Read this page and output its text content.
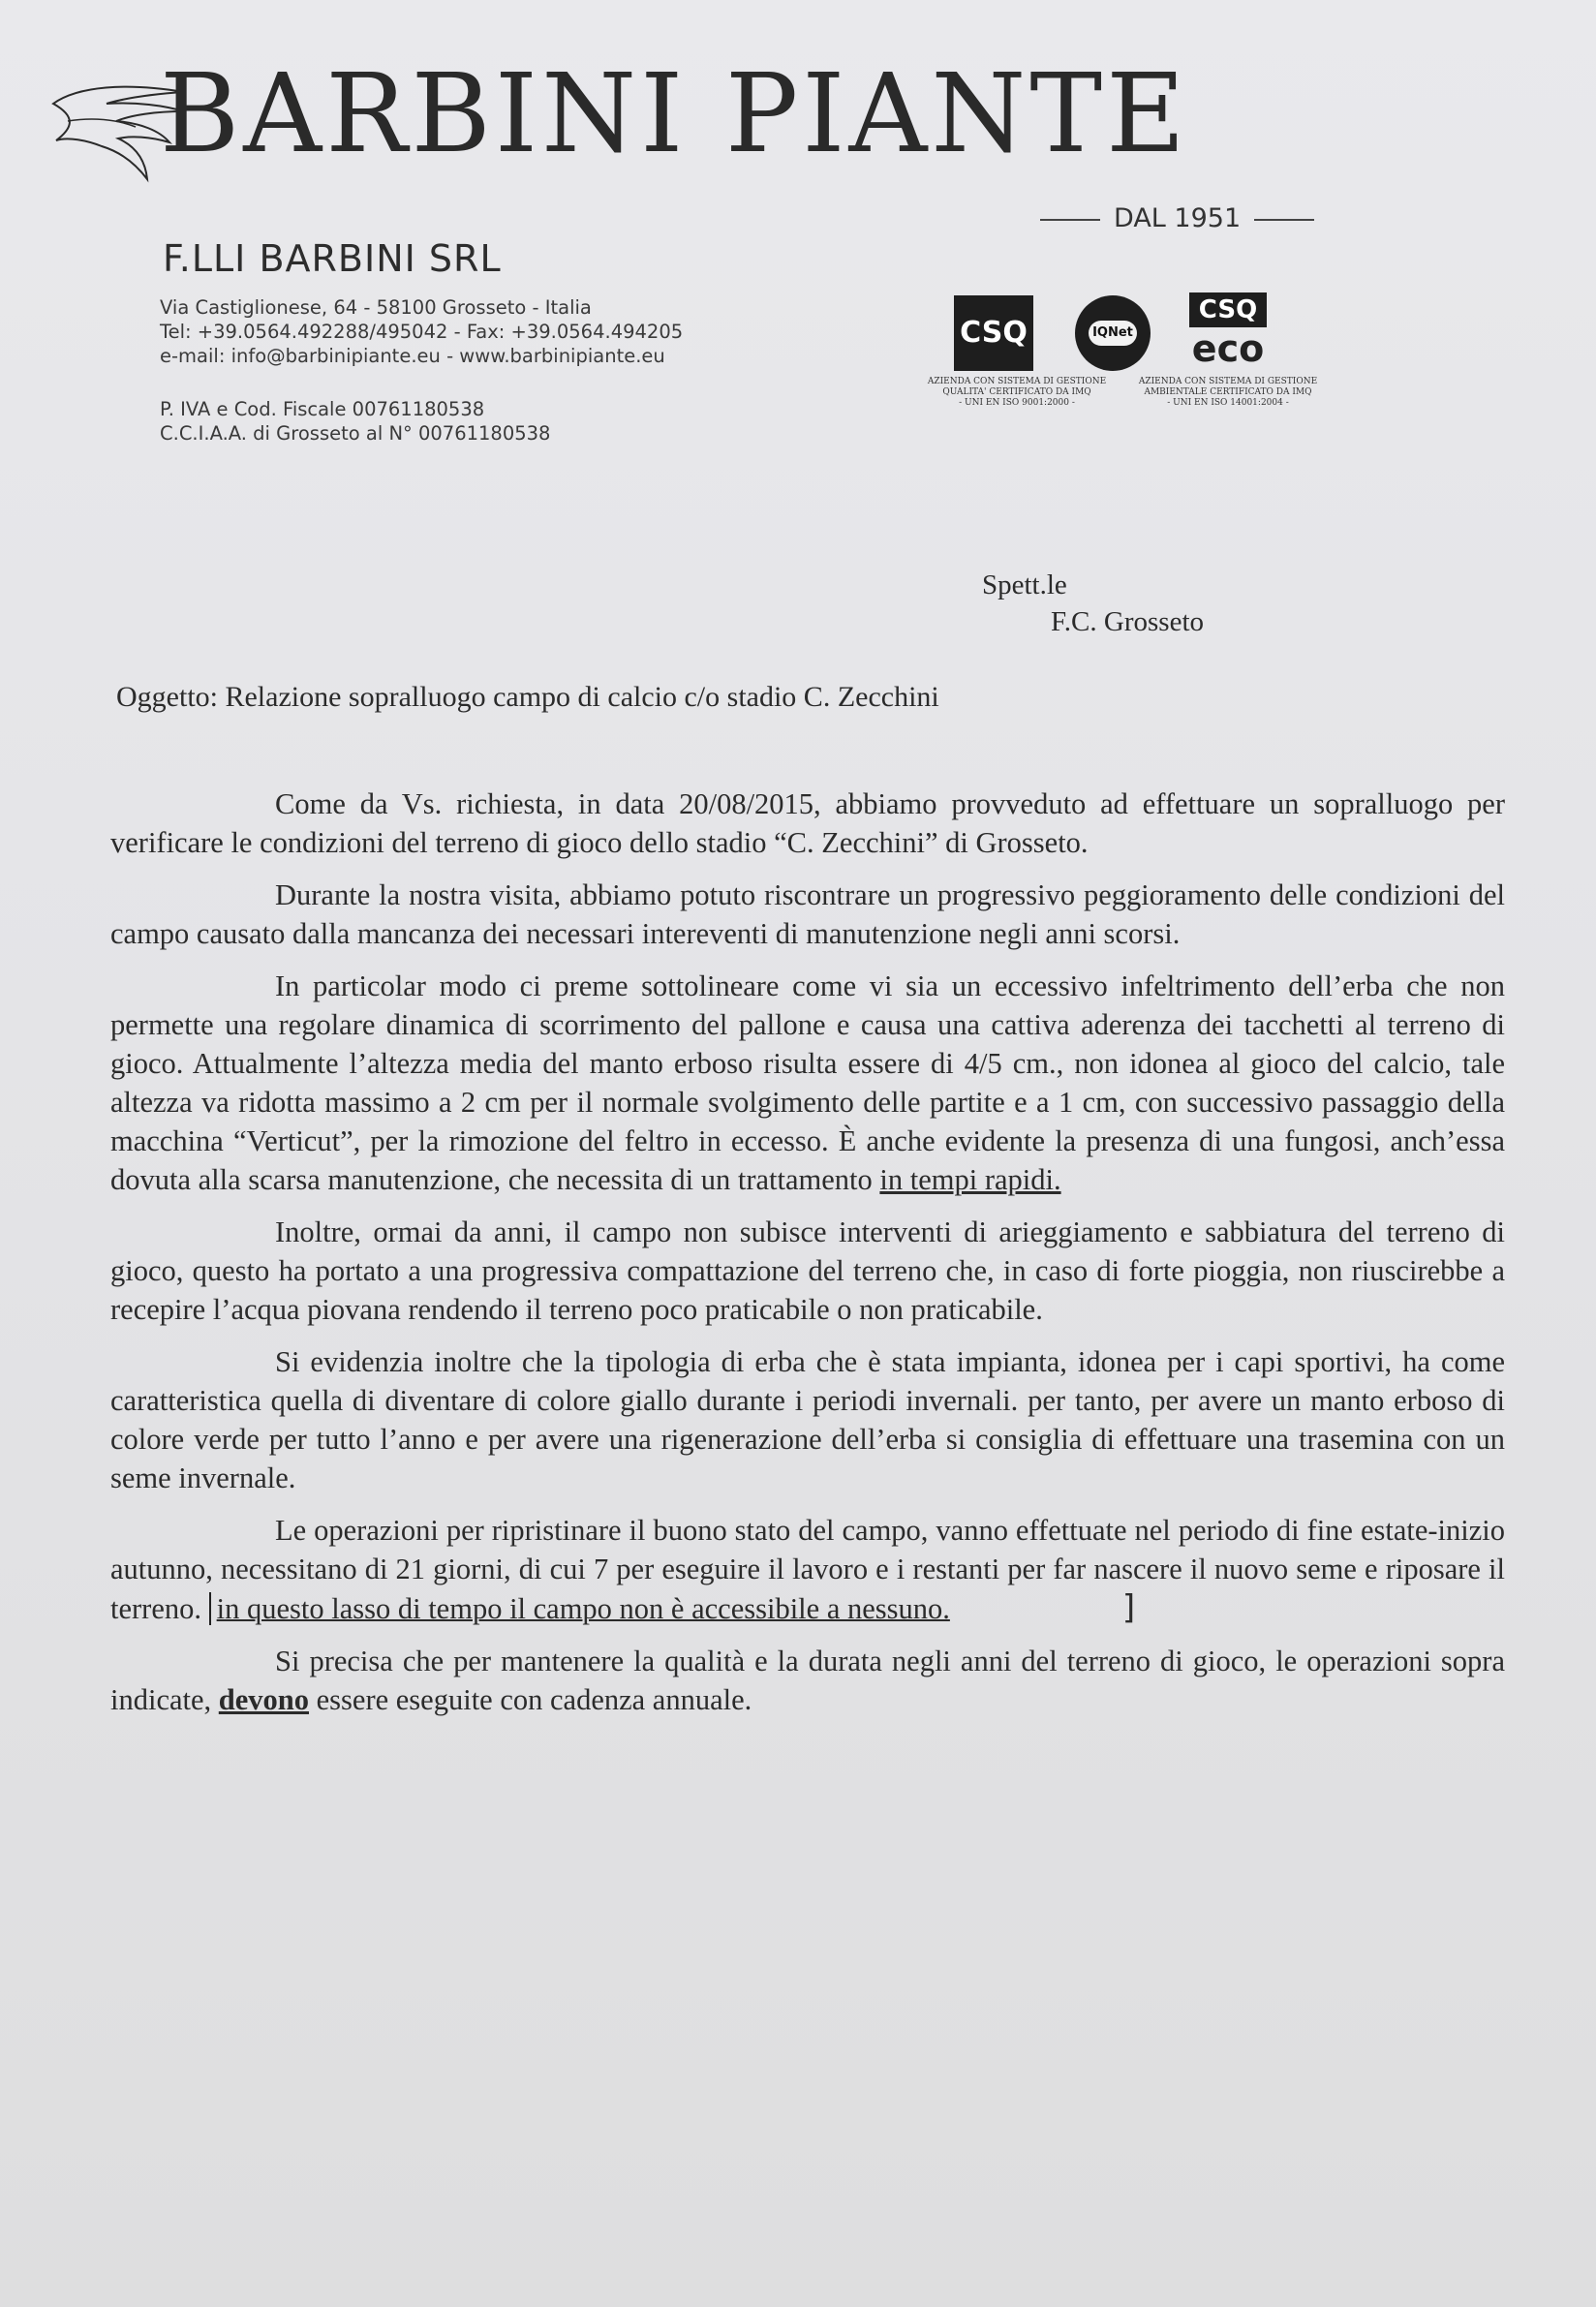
BARBINI PIANTE
DAL 1951
F.LLI BARBINI SRL
Via Castiglionese, 64 - 58100 Grosseto - Italia
Tel: +39.0564.492288/495042 - Fax: +39.0564.494205
e-mail: info@barbinipiante.eu - www.barbinipiante.eu
P. IVA e Cod. Fiscale 00761180538
C.C.I.A.A. di Grosseto al N° 00761180538
CSQ	IQNet
CSQ
eco
AZIENDA CON SISTEMA DI GESTIONE
QUALITA' CERTIFICATO DA IMQ
- UNI EN ISO 9001:2000 -
AZIENDA CON SISTEMA DI GESTIONE
AMBIENTALE CERTIFICATO DA IMQ
- UNI EN ISO 14001:2004 -
Spett.le
F.C. Grosseto
Oggetto: Relazione sopralluogo campo di calcio c/o stadio C. Zecchini

Come da Vs. richiesta, in data 20/08/2015, abbiamo provveduto ad effettuare un sopralluogo per verificare le condizioni del terreno di gioco dello stadio “C. Zecchini” di Grosseto.

Durante la nostra visita, abbiamo potuto riscontrare un progressivo peggioramento delle condizioni del campo causato dalla mancanza dei necessari intereventi di manutenzione negli anni scorsi.

In particolar modo ci preme sottolineare come vi sia un eccessivo infeltrimento dell’erba che non permette una regolare dinamica di scorrimento del pallone e causa una cattiva aderenza dei tacchetti al terreno di gioco. Attualmente l’altezza media del manto erboso risulta essere di 4/5 cm., non idonea al gioco del calcio, tale altezza va ridotta massimo a 2 cm per il normale svolgimento delle partite e a 1 cm, con successivo passaggio della macchina “Verticut”, per la rimozione del feltro in eccesso. È anche evidente la presenza di una fungosi, anch’essa dovuta alla scarsa manutenzione, che necessita di un trattamento in tempi rapidi.

Inoltre, ormai da anni, il campo non subisce interventi di arieggiamento e sabbiatura del terreno di gioco, questo ha portato a una progressiva compattazione del terreno che, in caso di forte pioggia, non riuscirebbe a recepire l’acqua piovana rendendo il terreno poco praticabile o non praticabile.

Si evidenzia inoltre che la tipologia di erba che è stata impianta, idonea per i capi sportivi, ha come caratteristica quella di diventare di colore giallo durante i periodi invernali. per tanto, per avere un manto erboso di colore verde per tutto l’anno e per avere una rigenerazione dell’erba si consiglia di effettuare una trasemina con un seme invernale.

Le operazioni per ripristinare il buono stato del campo, vanno effettuate nel periodo di fine estate-inizio autunno, necessitano di 21 giorni, di cui 7 per eseguire il lavoro e i restanti per far nascere il nuovo seme e riposare il terreno. in questo lasso di tempo il campo non è accessibile a nessuno.	]

Si precisa che per mantenere la qualità e la durata negli anni del terreno di gioco, le operazioni sopra indicate, devono essere eseguite con cadenza annuale.
